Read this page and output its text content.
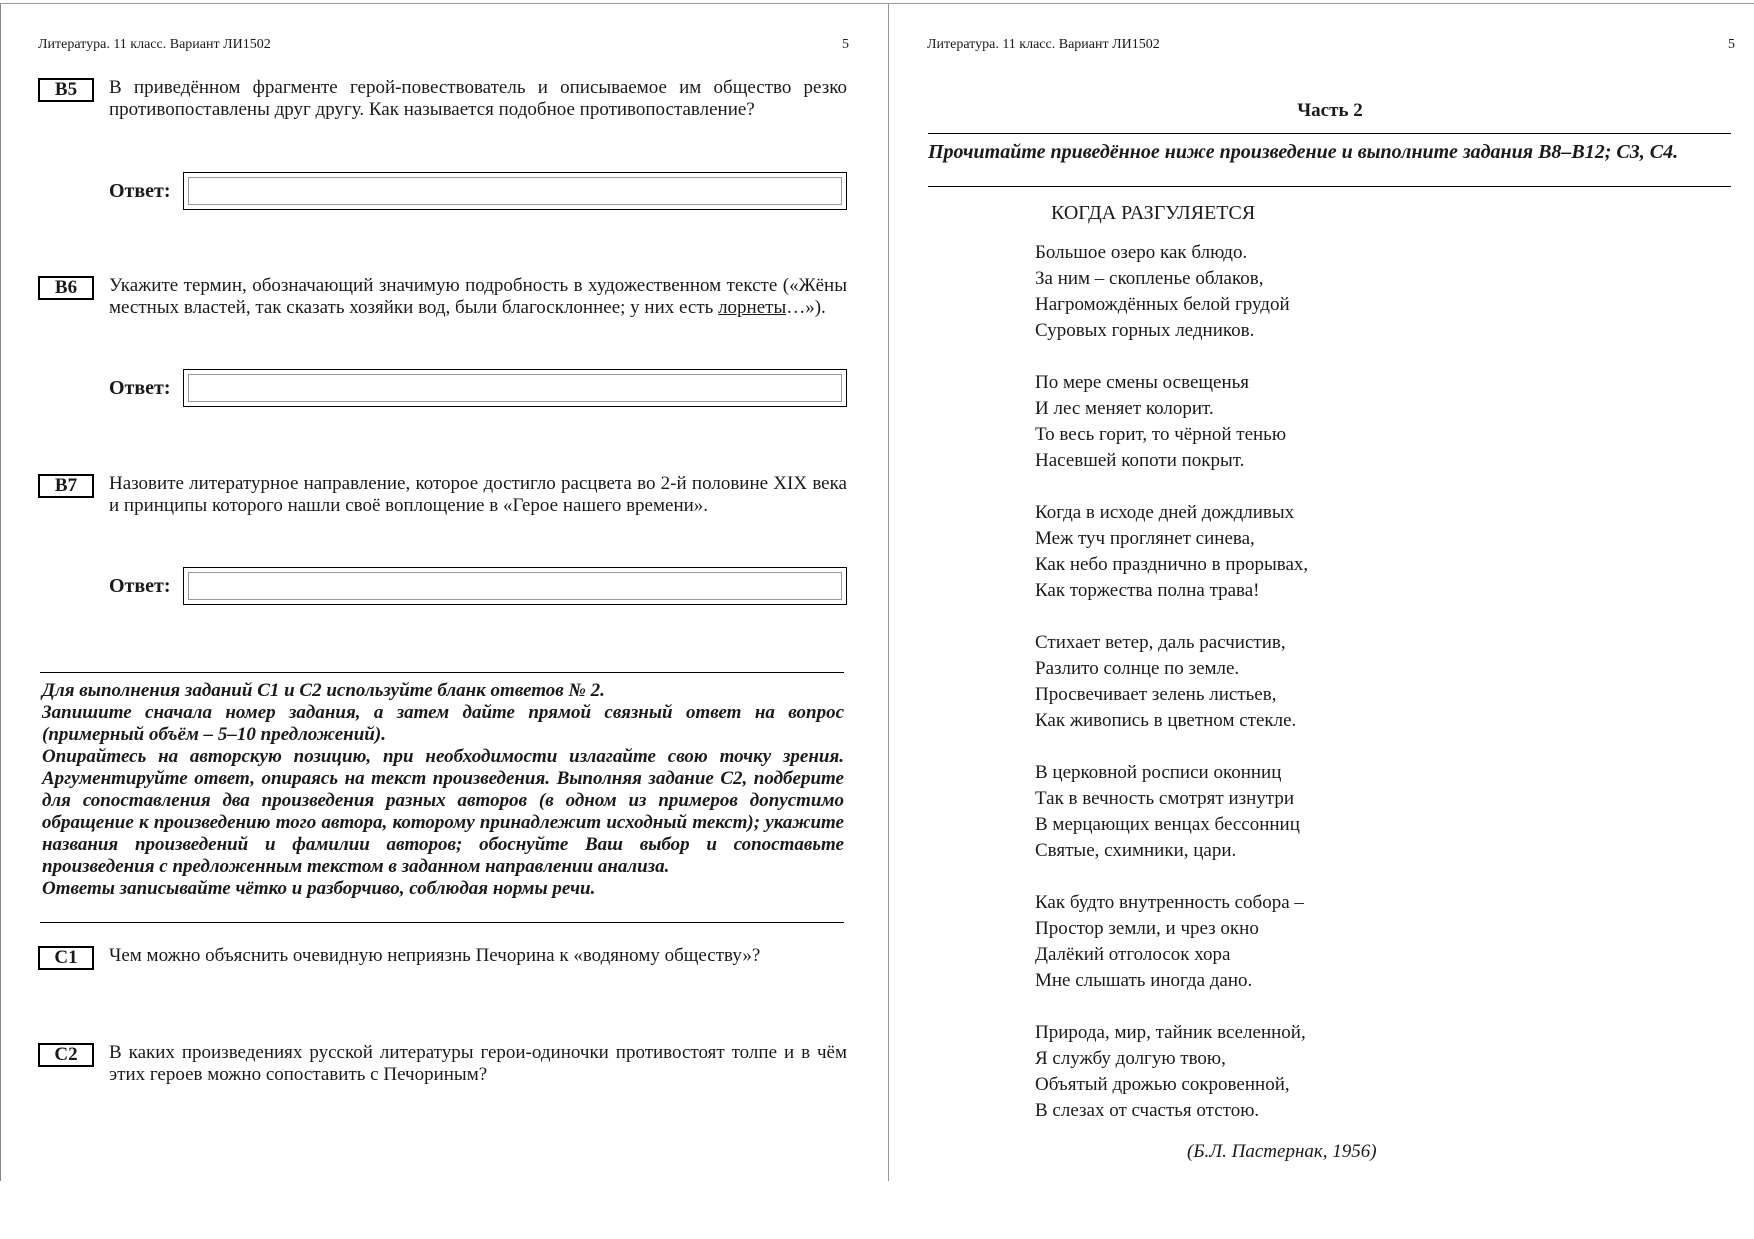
Литература. 11 класс. Вариант ЛИ1502	5
B5	В приведённом фрагменте герой-повествователь и описываемое им общество резко противопоставлены друг другу. Как называется подобное противопоставление?
Ответ:
B6	Укажите термин, обозначающий значимую подробность в художественном тексте («Жёны местных властей, так сказать хозяйки вод, были благосклоннее; у них есть лорнеты…»).
Ответ:
B7	Назовите литературное направление, которое достигло расцвета во 2-й половине XIX века и принципы которого нашли своё воплощение в «Герое нашего времени».
Ответ:

Для выполнения заданий С1 и С2 используйте бланк ответов № 2.

Запишите сначала номер задания, а затем дайте прямой связный ответ на вопрос (примерный объём – 5–10 предложений).

Опирайтесь на авторскую позицию, при необходимости излагайте свою точку зрения. Аргументируйте ответ, опираясь на текст произведения. Выполняя задание С2, подберите для сопоставления два произведения разных авторов (в одном из примеров допустимо обращение к произведению того автора, которому принадлежит исходный текст); укажите названия произведений и фамилии авторов; обоснуйте Ваш выбор и сопоставьте произведения с предложенным текстом в заданном направлении анализа.

Ответы записывайте чётко и разборчиво, соблюдая нормы речи.

С1	Чем можно объяснить очевидную неприязнь Печорина к «водяному обществу»?
С2	В каких произведениях русской литературы герои-одиночки противостоят толпе и в чём этих героев можно сопоставить с Печориным?
Литература. 11 класс. Вариант ЛИ1502	5
Часть 2
Прочитайте приведённое ниже произведение и выполните задания В8–В12; С3, С4.
КОГДА РАЗГУЛЯЕТСЯ
Большое озеро как блюдо.
За ним – скопленье облаков,
Нагромождённых белой грудой
Суровых горных ледников.
По мере смены освещенья
И лес меняет колорит.
То весь горит, то чёрной тенью
Насевшей копоти покрыт.
Когда в исходе дней дождливых
Меж туч проглянет синева,
Как небо празднично в прорывах,
Как торжества полна трава!
Стихает ветер, даль расчистив,
Разлито солнце по земле.
Просвечивает зелень листьев,
Как живопись в цветном стекле.
В церковной росписи оконниц
Так в вечность смотрят изнутри
В мерцающих венцах бессонниц
Святые, схимники, цари.
Как будто внутренность собора –
Простор земли, и чрез окно
Далёкий отголосок хора
Мне слышать иногда дано.
Природа, мир, тайник вселенной,
Я службу долгую твою,
Объятый дрожью сокровенной,
В слезах от счастья отстою.
(Б.Л. Пастернак, 1956)
